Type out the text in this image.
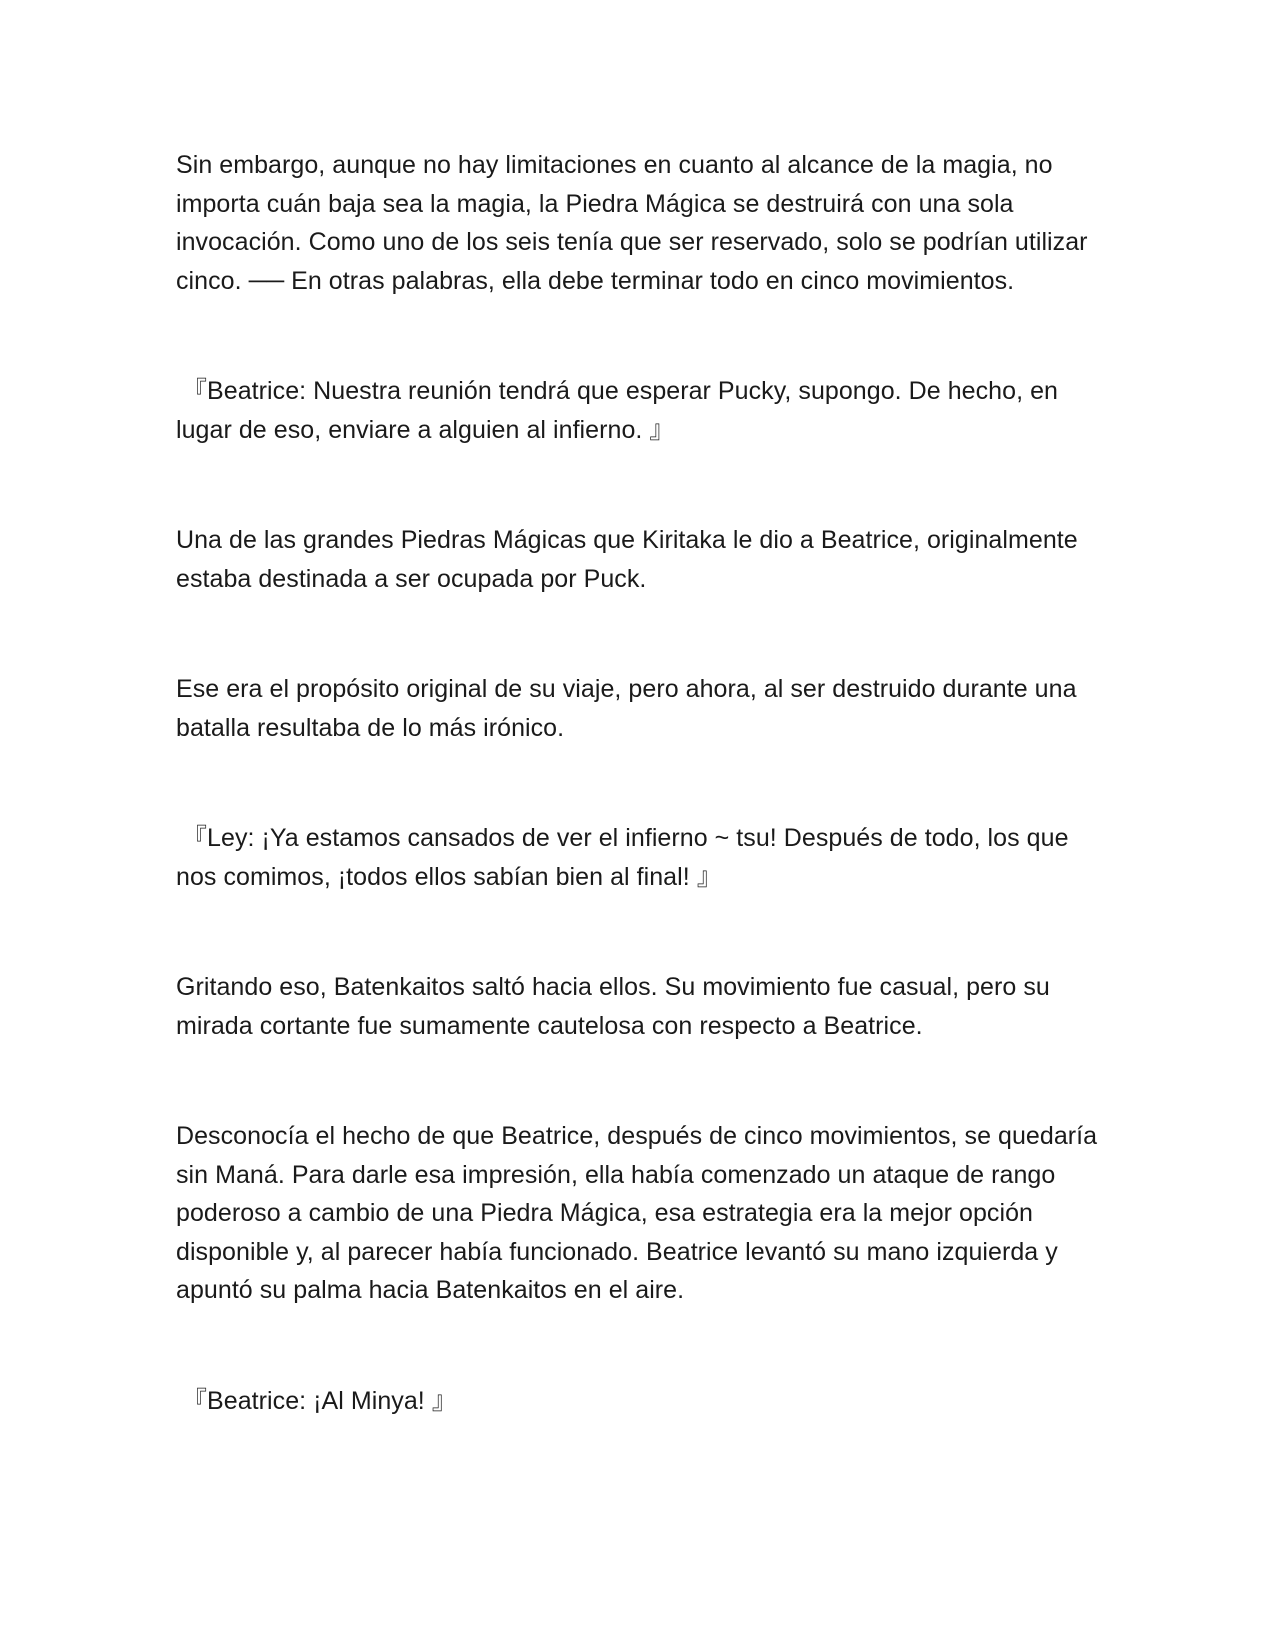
Sin embargo, aunque no hay limitaciones en cuanto al alcance de la magia, no importa cuán baja sea la magia, la Piedra Mágica se destruirá con una sola invocación. Como uno de los seis tenía que ser reservado, solo se podrían utilizar cinco. ── En otras palabras, ella debe terminar todo en cinco movimientos.

『Beatrice: Nuestra reunión tendrá que esperar Pucky, supongo. De hecho, en lugar de eso, enviare a alguien al infierno. 』

Una de las grandes Piedras Mágicas que Kiritaka le dio a Beatrice, originalmente estaba destinada a ser ocupada por Puck.

Ese era el propósito original de su viaje, pero ahora, al ser destruido durante una batalla resultaba de lo más irónico.

『Ley: ¡Ya estamos cansados de ver el infierno ~ tsu! Después de todo, los que nos comimos, ¡todos ellos sabían bien al final! 』

Gritando eso, Batenkaitos saltó hacia ellos. Su movimiento fue casual, pero su mirada cortante fue sumamente cautelosa con respecto a Beatrice.

Desconocía el hecho de que Beatrice, después de cinco movimientos, se quedaría sin Maná. Para darle esa impresión, ella había comenzado un ataque de rango poderoso a cambio de una Piedra Mágica, esa estrategia era la mejor opción disponible y, al parecer había funcionado. Beatrice levantó su mano izquierda y apuntó su palma hacia Batenkaitos en el aire.

『Beatrice: ¡Al Minya! 』
